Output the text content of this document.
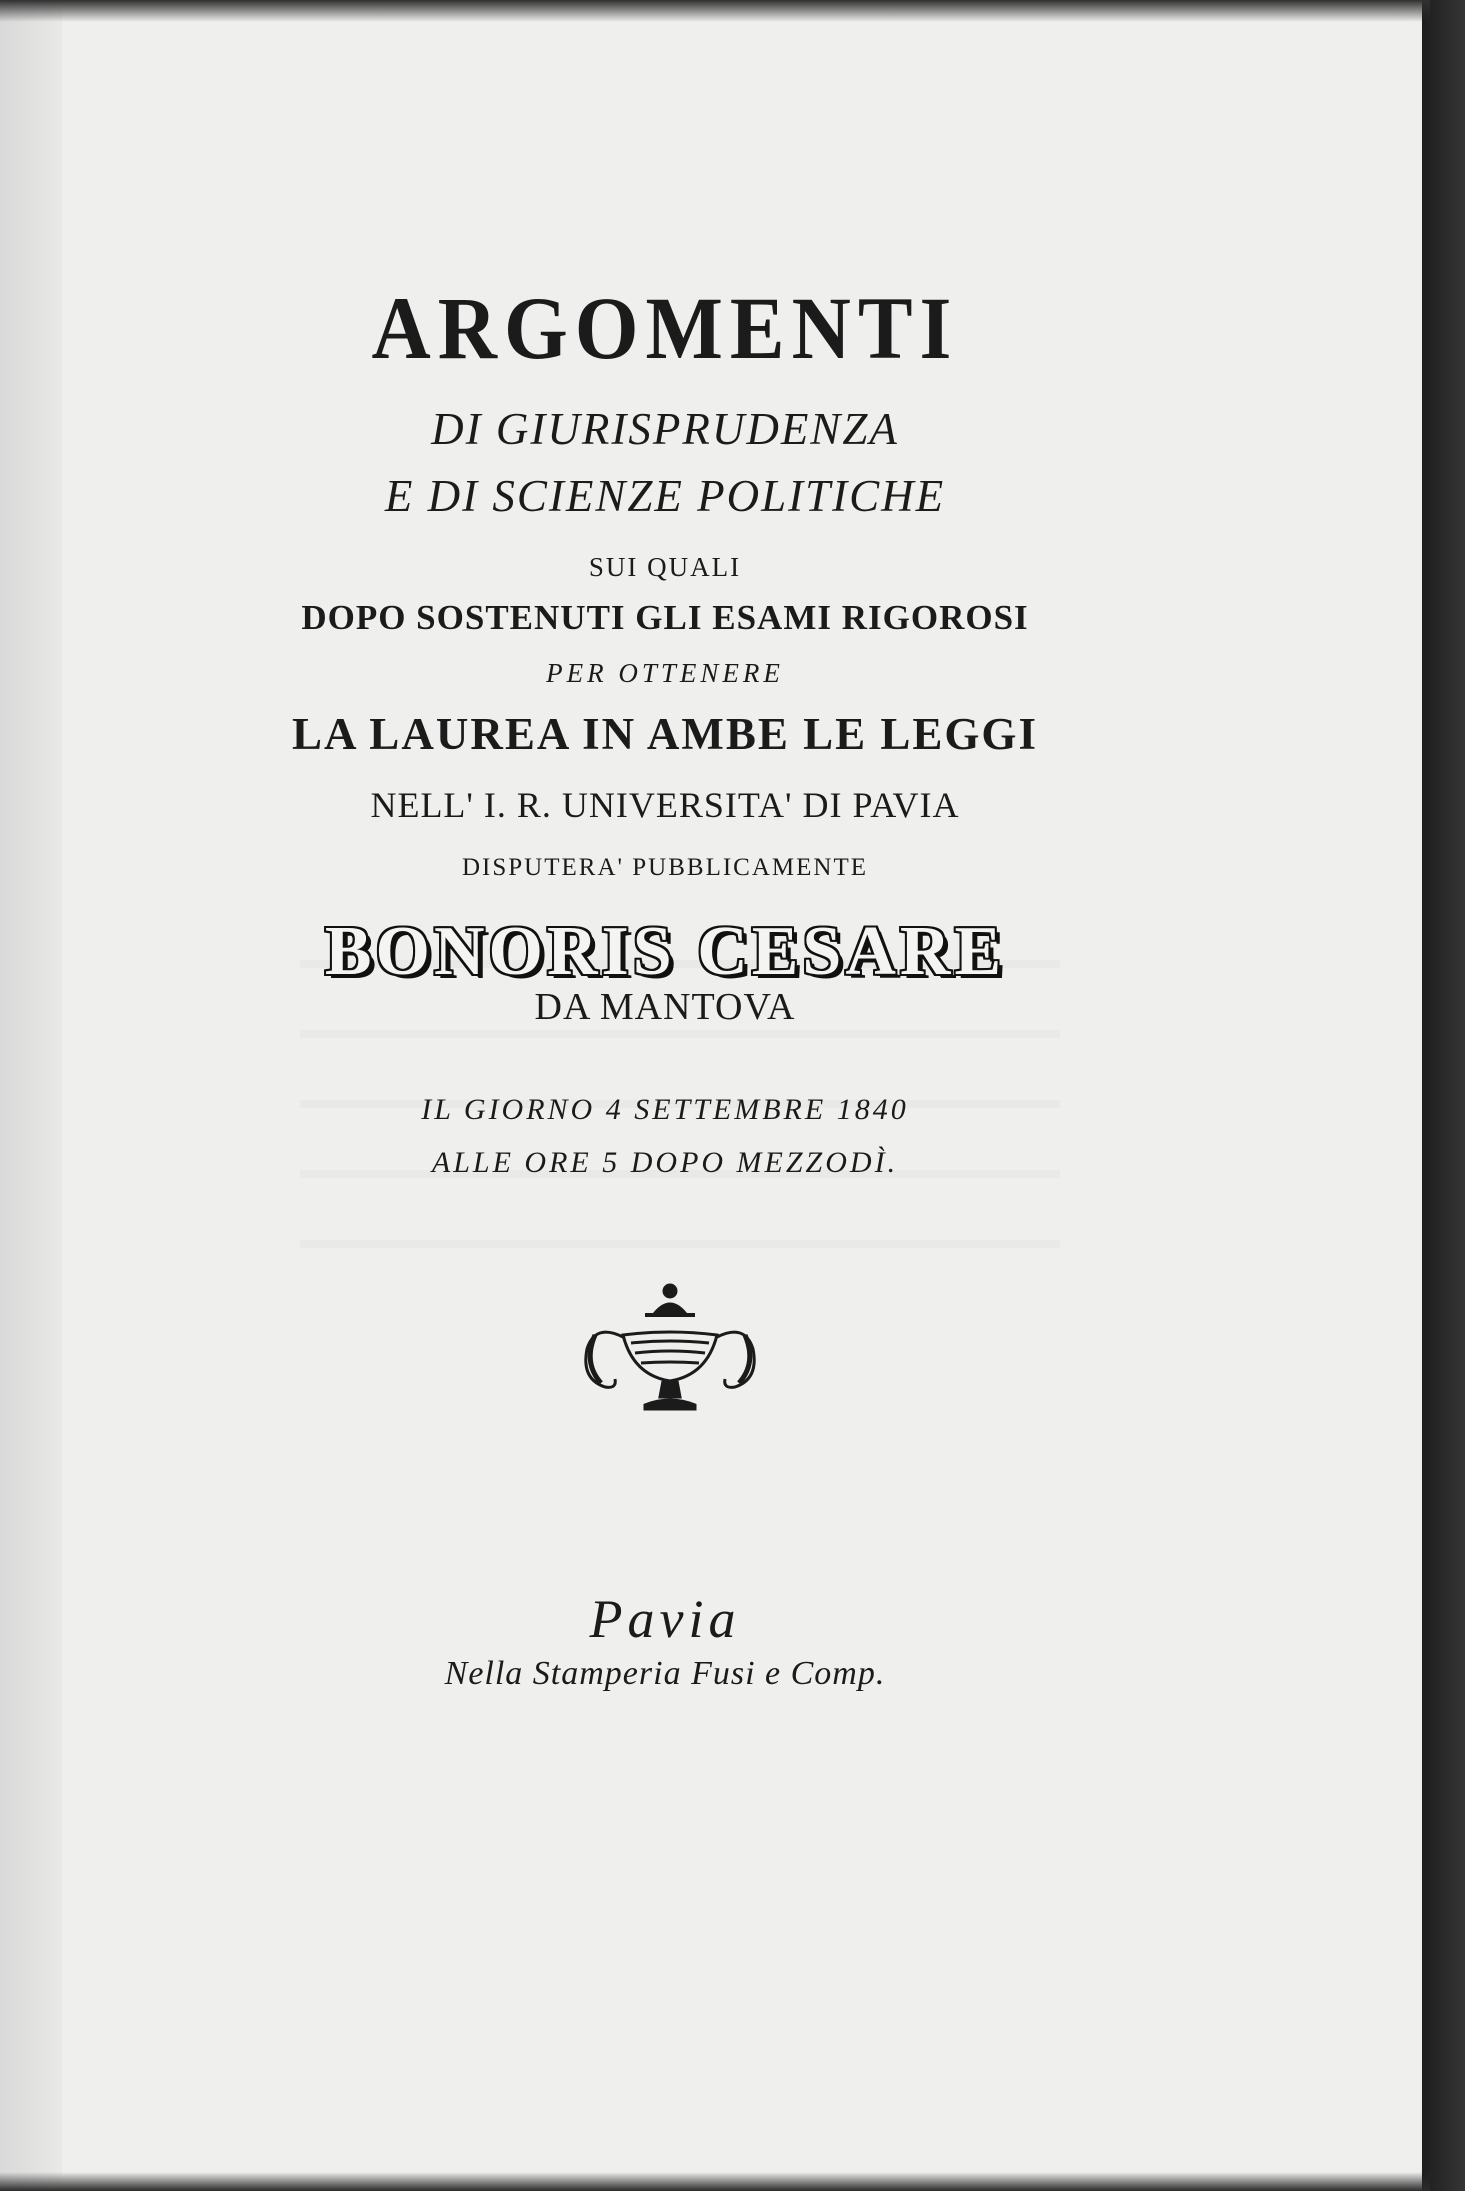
ARGOMENTI
DI GIURISPRUDENZA
E DI SCIENZE POLITICHE
SUI QUALI
DOPO SOSTENUTI GLI ESAMI RIGOROSI
PER OTTENERE
LA LAUREA IN AMBE LE LEGGI
NELL' I. R. UNIVERSITA' DI PAVIA
DISPUTERA' PUBBLICAMENTE
BONORIS CESARE
DA MANTOVA
IL GIORNO 4 SETTEMBRE 1840
ALLE ORE 5 DOPO MEZZODÌ.
Pavia
Nella Stamperia Fusi e Comp.
